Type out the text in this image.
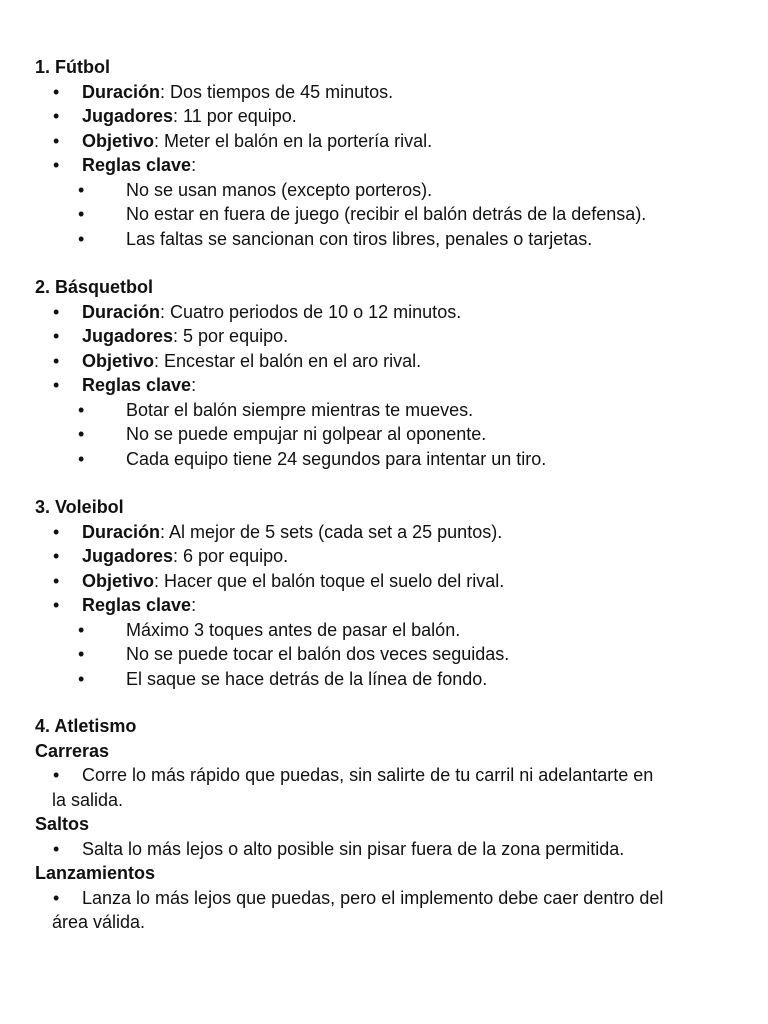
1. Fútbol
• Duración: Dos tiempos de 45 minutos.
• Jugadores: 11 por equipo.
• Objetivo: Meter el balón en la portería rival.
• Reglas clave:
• No se usan manos (excepto porteros).
• No estar en fuera de juego (recibir el balón detrás de la defensa).
• Las faltas se sancionan con tiros libres, penales o tarjetas.
2. Básquetbol
• Duración: Cuatro periodos de 10 o 12 minutos.
• Jugadores: 5 por equipo.
• Objetivo: Encestar el balón en el aro rival.
• Reglas clave:
• Botar el balón siempre mientras te mueves.
• No se puede empujar ni golpear al oponente.
• Cada equipo tiene 24 segundos para intentar un tiro.
3. Voleibol
• Duración: Al mejor de 5 sets (cada set a 25 puntos).
• Jugadores: 6 por equipo.
• Objetivo: Hacer que el balón toque el suelo del rival.
• Reglas clave:
• Máximo 3 toques antes de pasar el balón.
• No se puede tocar el balón dos veces seguidas.
• El saque se hace detrás de la línea de fondo.
4. Atletismo
Carreras
• Corre lo más rápido que puedas, sin salirte de tu carril ni adelantarte en
la salida.
Saltos
• Salta lo más lejos o alto posible sin pisar fuera de la zona permitida.
Lanzamientos
• Lanza lo más lejos que puedas, pero el implemento debe caer dentro del
área válida.
